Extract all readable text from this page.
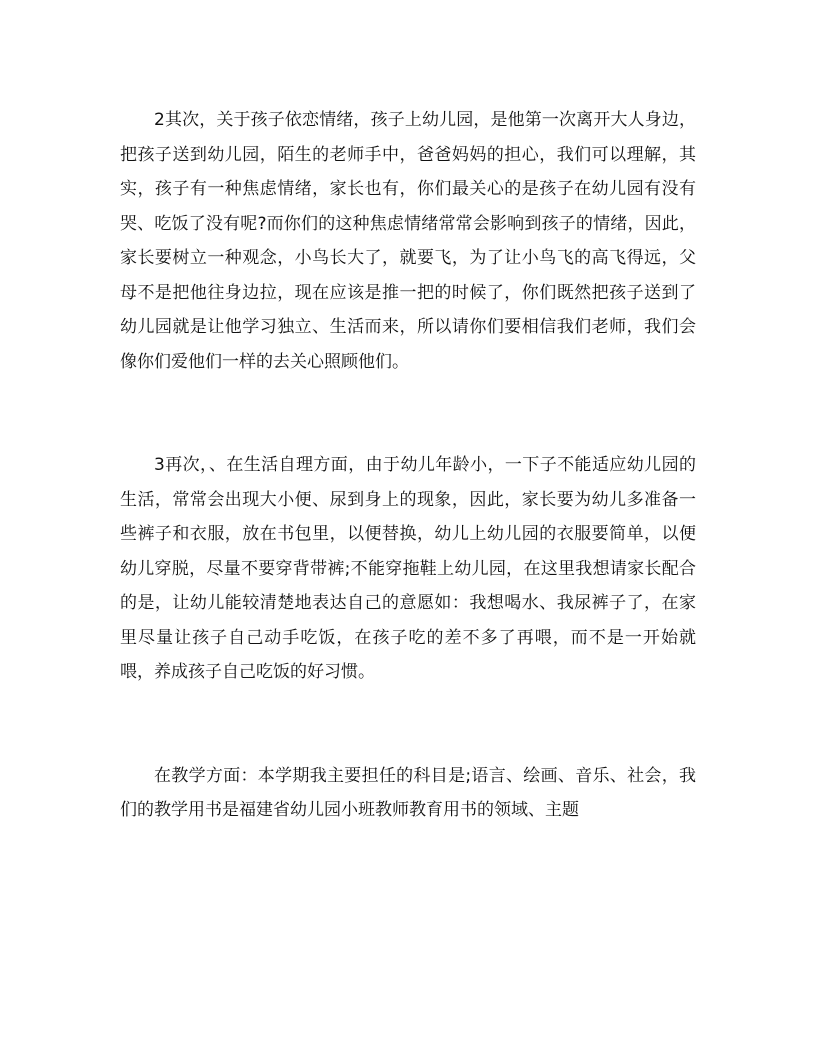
2其次，关于孩子依恋情绪，孩子上幼儿园，是他第一次离开大人身边，把孩子送到幼儿园，陌生的老师手中，爸爸妈妈的担心，我们可以理解，其实，孩子有一种焦虑情绪，家长也有，你们最关心的是孩子在幼儿园有没有哭、吃饭了没有呢?而你们的这种焦虑情绪常常会影响到孩子的情绪，因此，家长要树立一种观念，小鸟长大了，就要飞，为了让小鸟飞的高飞得远，父母不是把他往身边拉，现在应该是推一把的时候了，你们既然把孩子送到了幼儿园就是让他学习独立、生活而来，所以请你们要相信我们老师，我们会像你们爱他们一样的去关心照顾他们。

3再次，、在生活自理方面，由于幼儿年龄小，一下子不能适应幼儿园的生活，常常会出现大小便、尿到身上的现象，因此，家长要为幼儿多准备一些裤子和衣服，放在书包里，以便替换，幼儿上幼儿园的衣服要简单，以便幼儿穿脱，尽量不要穿背带裤;不能穿拖鞋上幼儿园，在这里我想请家长配合的是，让幼儿能较清楚地表达自己的意愿如：我想喝水、我尿裤子了，在家里尽量让孩子自己动手吃饭，在孩子吃的差不多了再喂，而不是一开始就喂，养成孩子自己吃饭的好习惯。

在教学方面：本学期我主要担任的科目是;语言、绘画、音乐、社会，我们的教学用书是福建省幼儿园小班教师教育用书的领域、主题
